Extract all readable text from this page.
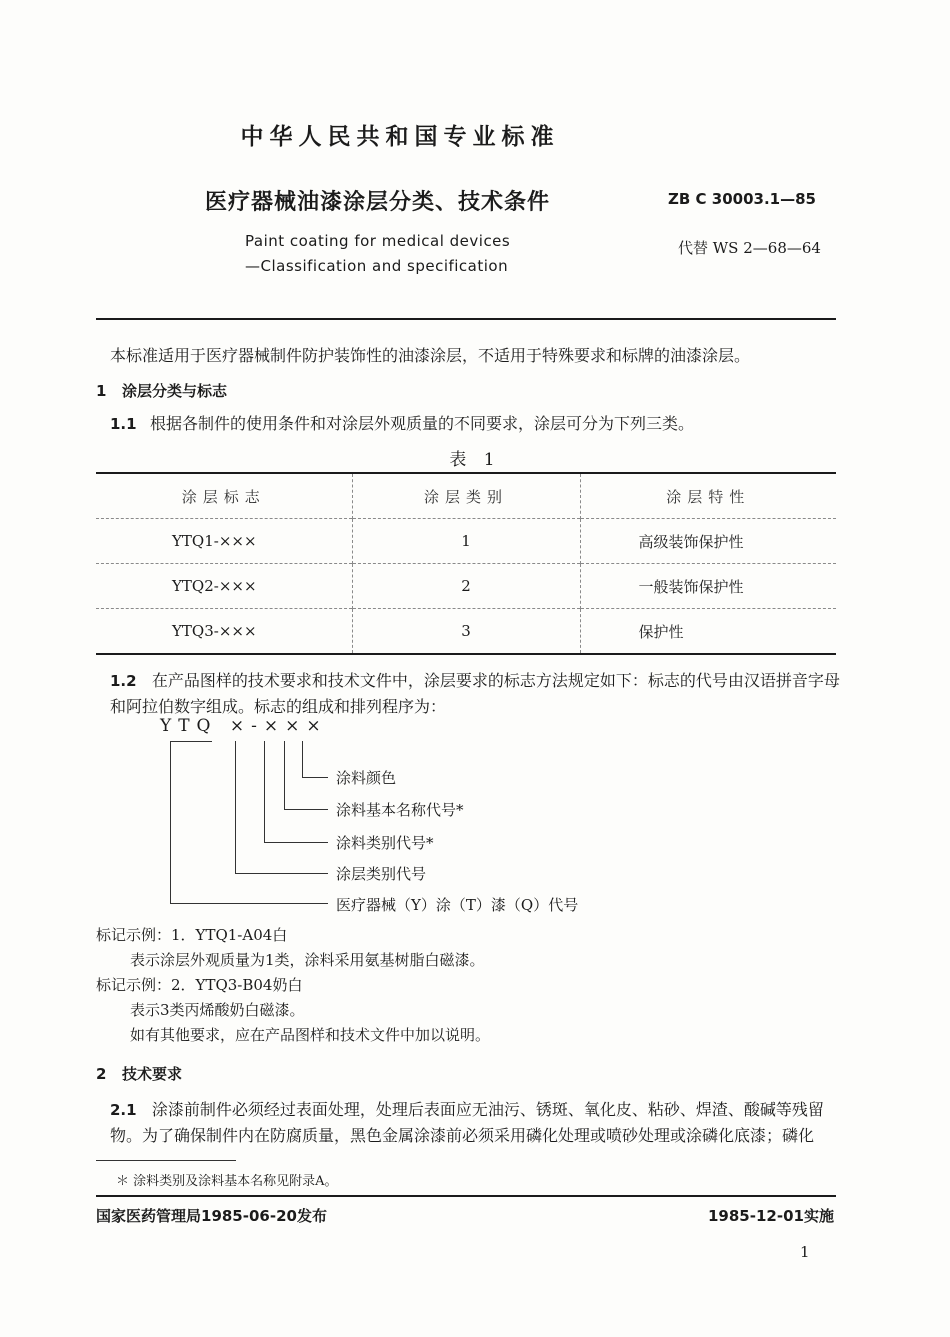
中华人民共和国专业标准
医疗器械油漆涂层分类、技术条件	ZB C 30003.1—85
Paint coating for medical devices
—Classification and specification
代替 WS 2—68—64
本标准适用于医疗器械制件防护装饰性的油漆涂层，不适用于特殊要求和标牌的油漆涂层。
1 涂层分类与标志
1.1 根据各制件的使用条件和对涂层外观质量的不同要求，涂层可分为下列三类。
表 1
涂层标志	涂层类别	涂层特性
YTQ1-×××	1	高级装饰保护性
YTQ2-×××	2	一般装饰保护性
YTQ3-×××	3	保护性
1.2 在产品图样的技术要求和技术文件中，涂层要求的标志方法规定如下：标志的代号由汉语拼音字母和阿拉伯数字组成。标志的组成和排列程序为：
YTQ ×-×××
涂料颜色
涂料基本名称代号*
涂料类别代号*
涂层类别代号
医疗器械（Y）涂（T）漆（Q）代号
标记示例：1．YTQ1-A04白
表示涂层外观质量为1类，涂料采用氨基树脂白磁漆。
标记示例：2．YTQ3-B04奶白
表示3类丙烯酸奶白磁漆。
如有其他要求，应在产品图样和技术文件中加以说明。
2 技术要求
2.1 涂漆前制件必须经过表面处理，处理后表面应无油污、锈斑、氧化皮、粘砂、焊渣、酸碱等残留物。为了确保制件内在防腐质量，黑色金属涂漆前必须采用磷化处理或喷砂处理或涂磷化底漆；磷化
＊ 涂料类别及涂料基本名称见附录A。
国家医药管理局1985-06-20发布	1985-12-01实施
1
